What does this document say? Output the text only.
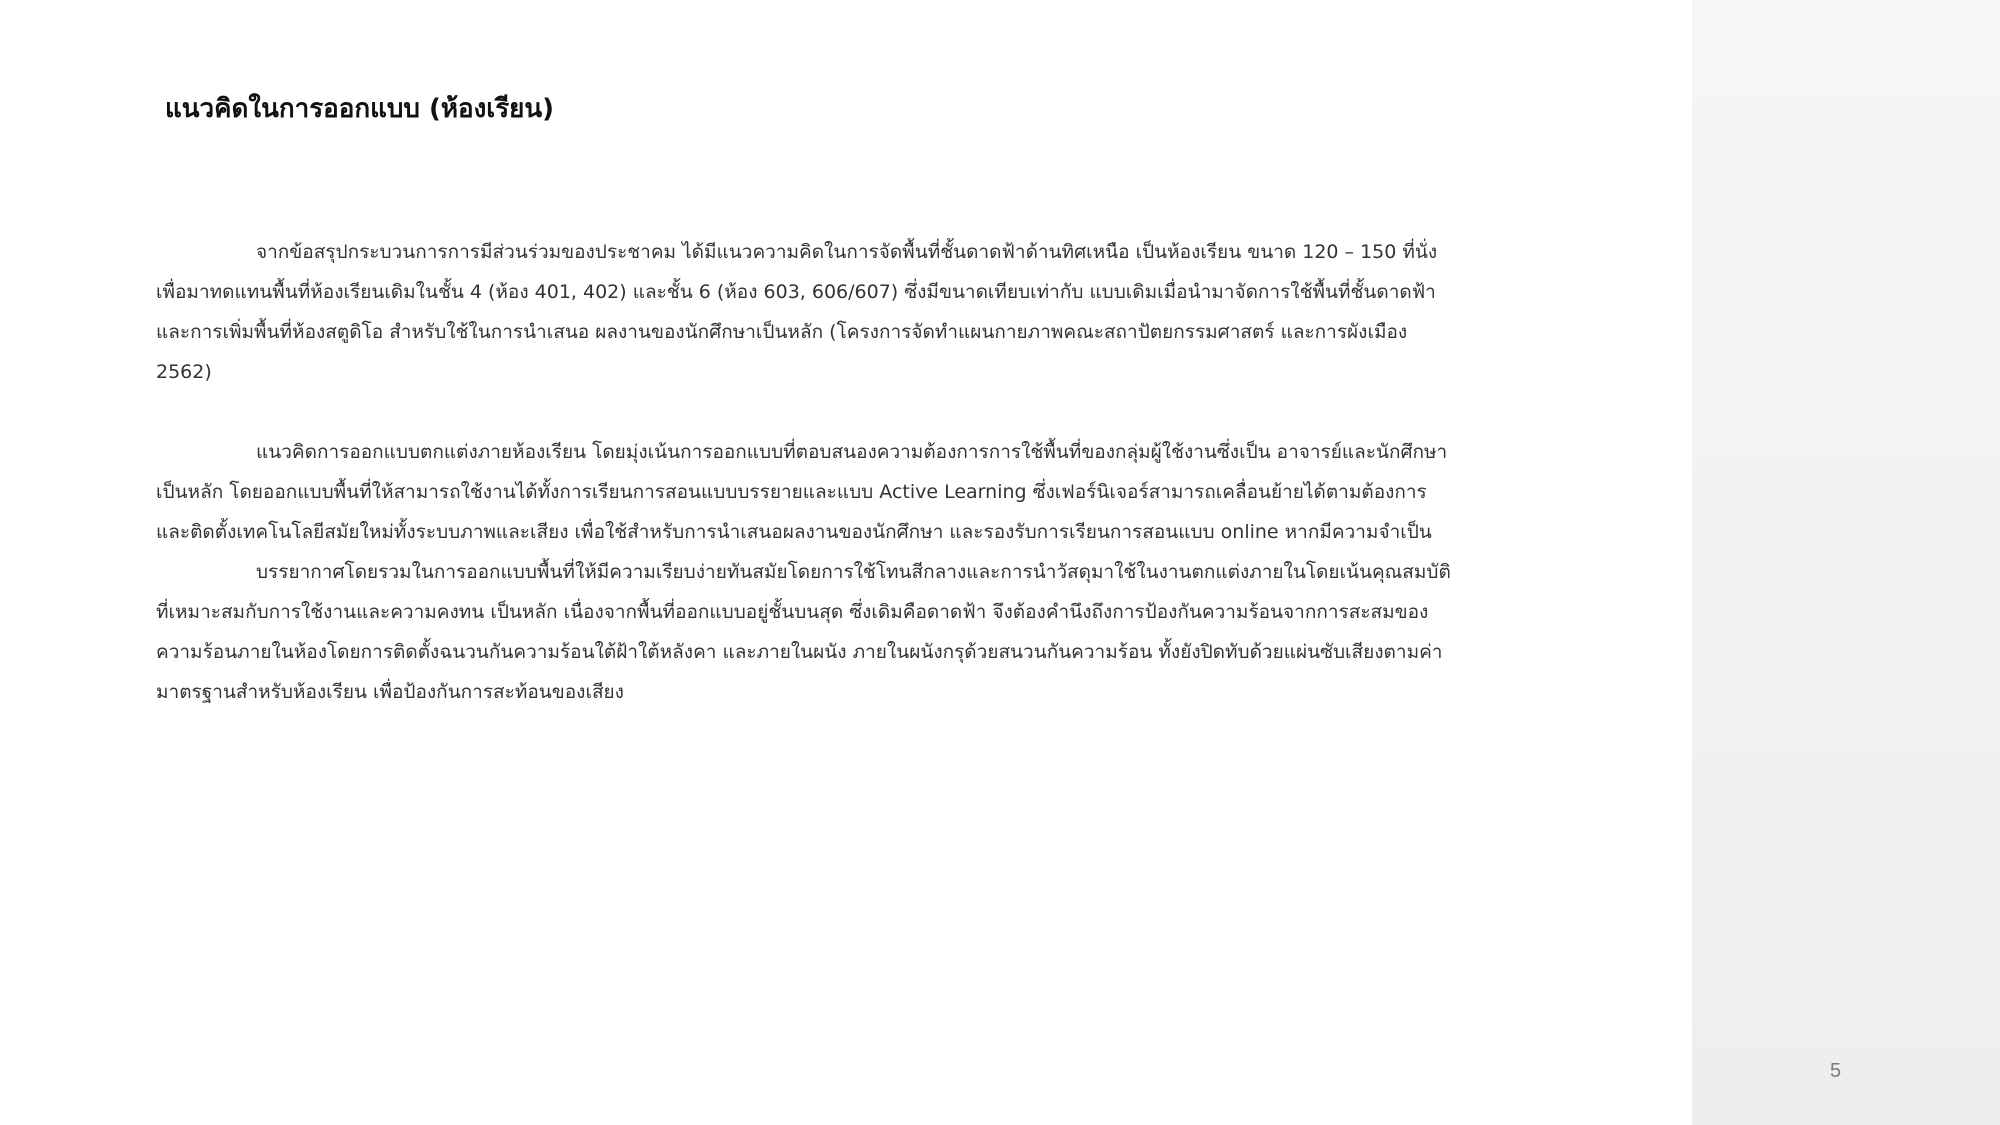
แนวคิดในการออกแบบ (ห้องเรียน)

จากข้อสรุปกระบวนการการมีส่วนร่วมของประชาคม ได้มีแนวความคิดในการจัดพื้นที่ชั้นดาดฟ้าด้านทิศเหนือ เป็นห้องเรียน ขนาด 120 – 150 ที่นั่ง เพื่อมาทดแทนพื้นที่ห้องเรียนเดิมในชั้น 4 (ห้อง 401, 402) และชั้น 6 (ห้อง 603, 606/607) ซึ่งมีขนาดเทียบเท่ากับ แบบเดิมเมื่อนำมาจัดการใช้พื้นที่ชั้นดาดฟ้า และการเพิ่มพื้นที่ห้องสตูดิโอ สำหรับใช้ในการนำเสนอ ผลงานของนักศึกษาเป็นหลัก (โครงการจัดทำแผนกายภาพคณะสถาปัตยกรรมศาสตร์ และการผังเมือง 2562)

แนวคิดการออกแบบตกแต่งภายห้องเรียน โดยมุ่งเน้นการออกแบบที่ตอบสนองความต้องการการใช้พื้นที่ของกลุ่มผู้ใช้งานซึ่งเป็น อาจารย์และนักศึกษาเป็นหลัก โดยออกแบบพื้นที่ให้สามารถใช้งานได้ทั้งการเรียนการสอนแบบบรรยายและแบบ Active Learning ซึ่งเฟอร์นิเจอร์สามารถเคลื่อนย้ายได้ตามต้องการ และติดตั้งเทคโนโลยีสมัยใหม่ทั้งระบบภาพและเสียง เพื่อใช้สำหรับการนำเสนอผลงานของนักศึกษา และรองรับการเรียนการสอนแบบ online หากมีความจำเป็น

บรรยากาศโดยรวมในการออกแบบพื้นที่ให้มีความเรียบง่ายทันสมัยโดยการใช้โทนสีกลางและการนำวัสดุมาใช้ในงานตกแต่งภายในโดยเน้นคุณสมบัติที่เหมาะสมกับการใช้งานและความคงทน เป็นหลัก เนื่องจากพื้นที่ออกแบบอยู่ชั้นบนสุด ซึ่งเดิมคือดาดฟ้า จึงต้องคำนึงถึงการป้องกันความร้อนจากการสะสมของความร้อนภายในห้องโดยการติดตั้งฉนวนกันความร้อนใต้ฝ้าใต้หลังคา และภายในผนัง ภายในผนังกรุด้วยสนวนกันความร้อน ทั้งยังปิดทับด้วยแผ่นซับเสียงตามค่ามาตรฐานสำหรับห้องเรียน เพื่อป้องกันการสะท้อนของเสียง

5
